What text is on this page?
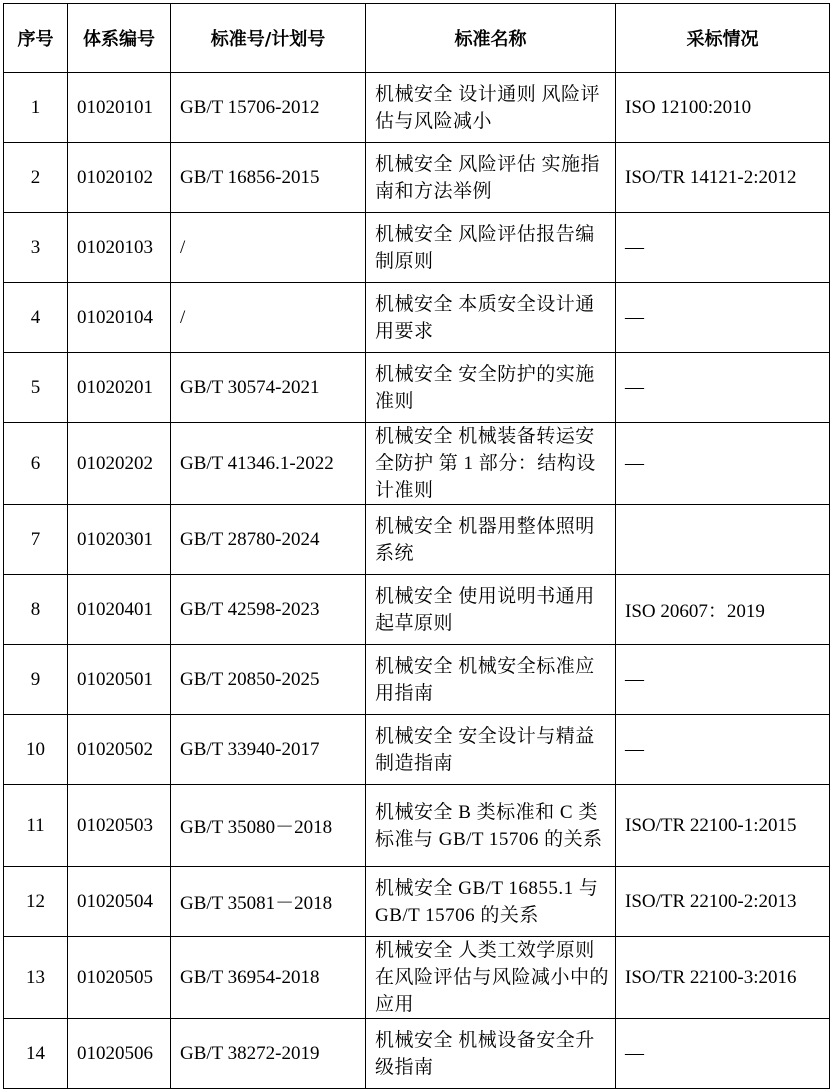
序号	体系编号	标准号/计划号	标准名称	采标情况
1	01020101	GB/T 15706-2012	机械安全 设计通则 风险评估与风险减小	ISO 12100:2010
2	01020102	GB/T 16856-2015	机械安全 风险评估 实施指南和方法举例	ISO/TR 14121-2:2012
3	01020103	/	机械安全 风险评估报告编制原则	—
4	01020104	/	机械安全 本质安全设计通用要求	—
5	01020201	GB/T 30574-2021	机械安全 安全防护的实施准则	—
6	01020202	GB/T 41346.1-2022	机械安全 机械装备转运安全防护 第 1 部分：结构设计准则	—
7	01020301	GB/T 28780-2024	机械安全 机器用整体照明系统	
8	01020401	GB/T 42598-2023	机械安全 使用说明书通用起草原则	ISO 20607：2019
9	01020501	GB/T 20850-2025	机械安全 机械安全标准应用指南	—
10	01020502	GB/T 33940-2017	机械安全 安全设计与精益制造指南	—
11	01020503	GB/T 35080－2018	机械安全 B 类标准和 C 类标准与 GB/T 15706 的关系	ISO/TR 22100-1:2015
12	01020504	GB/T 35081－2018	机械安全 GB/T 16855.1 与 GB/T 15706 的关系	ISO/TR 22100-2:2013
13	01020505	GB/T 36954-2018	机械安全 人类工效学原则在风险评估与风险减小中的应用	ISO/TR 22100-3:2016
14	01020506	GB/T 38272-2019	机械安全 机械设备安全升级指南	—
